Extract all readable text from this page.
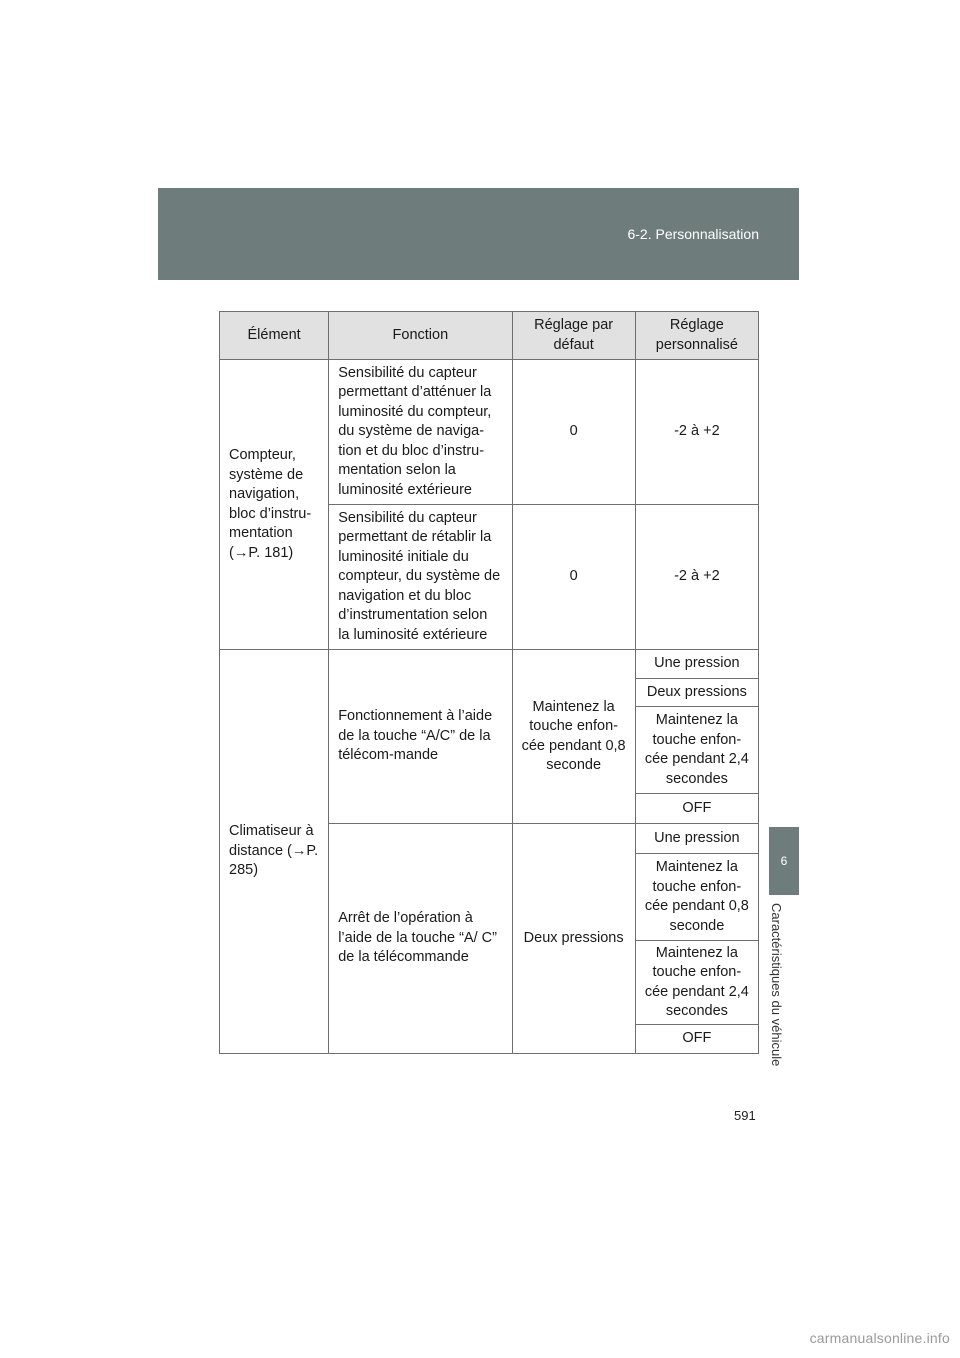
6-2. Personnalisation
6
Caractéristiques du véhicule
Élément	Fonction	Réglage par défaut	Réglage personnalisé
Compteur, système de navigation, bloc d’instru-mentation (→P. 181)	Sensibilité du capteur permettant d’atténuer la luminosité du compteur, du système de naviga-tion et du bloc d’instru-mentation selon la luminosité extérieure	0	-2 à +2
	Sensibilité du capteur permettant de rétablir la luminosité initiale du compteur, du système de navigation et du bloc d’instrumentation selon la luminosité extérieure	0	-2 à +2
Climatiseur à distance (→P. 285)	Fonctionnement à l’aide de la touche “A/C” de la télécom-mande	Maintenez la touche enfon-cée pendant 0,8 seconde	Une pression
			Deux pressions
			Maintenez la touche enfon-cée pendant 2,4 secondes
			OFF
	Arrêt de l’opération à l’aide de la touche “A/ C” de la télécommande	Deux pressions	Une pression
			Maintenez la touche enfon-cée pendant 0,8 seconde
			Maintenez la touche enfon-cée pendant 2,4 secondes
			OFF
591
carmanualsonline.info
